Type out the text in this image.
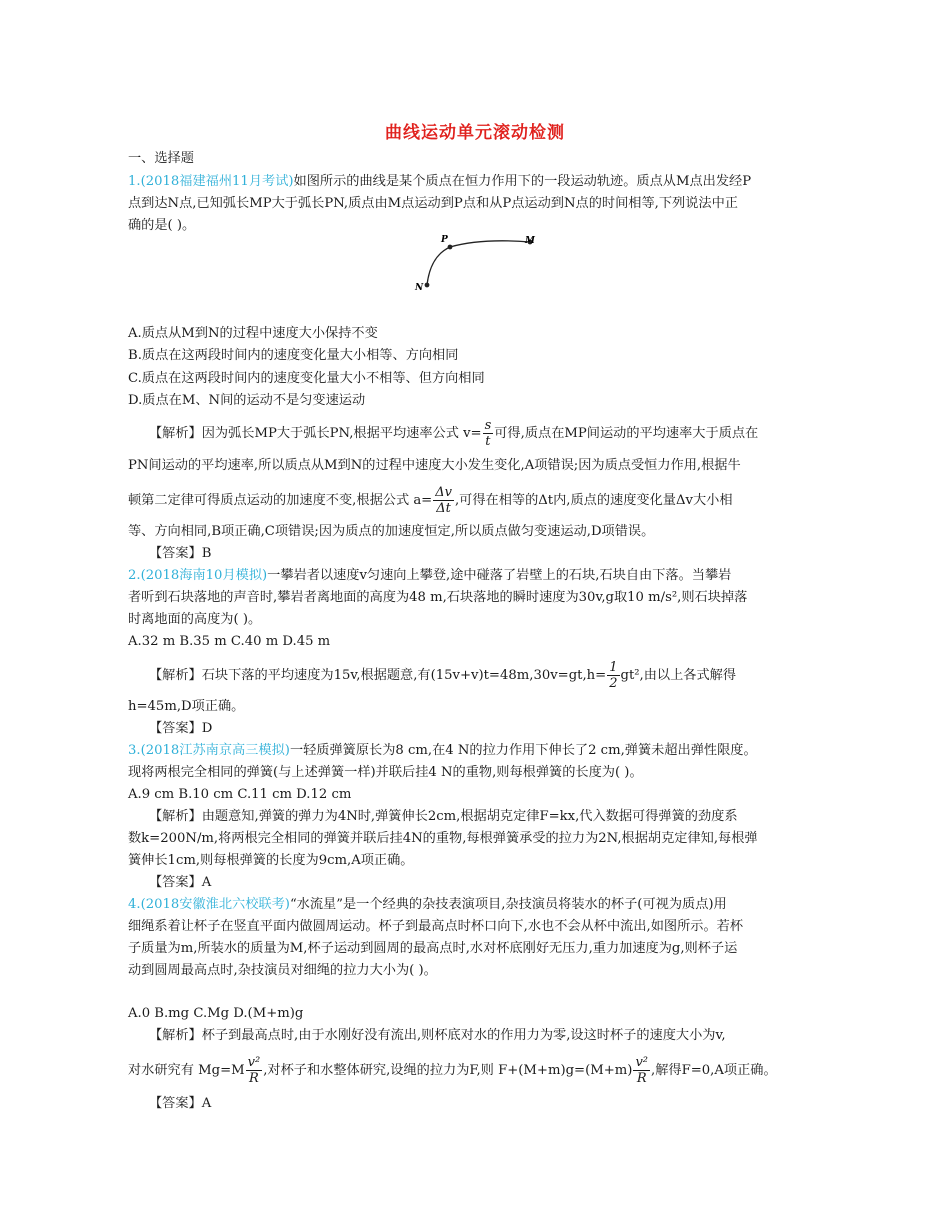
曲线运动单元滚动检测
一、选择题
1.(2018福建福州11月考试)如图所示的曲线是某个质点在恒力作用下的一段运动轨迹。质点从M点出发经P
点到达N点,已知弧长MP大于弧长PN,质点由M点运动到P点和从P点运动到N点的时间相等,下列说法中正
确的是( )。
P	M
N
A.质点从M到N的过程中速度大小保持不变
B.质点在这两段时间内的速度变化量大小相等、方向相同
C.质点在这两段时间内的速度变化量大小不相等、但方向相同
D.质点在M、N间的运动不是匀变速运动
【解析】因为弧长MP大于弧长PN,根据平均速率公式 $v= \frac{s}{t}$ 可得,质点在MP间运动的平均速率大于质点在
PN间运动的平均速率,所以质点从M到N的过程中速度大小发生变化,A项错误;因为质点受恒力作用,根据牛
顿第二定律可得质点运动的加速度不变,根据公式 $a= \frac{\Delta v}{\Delta t}$ ,可得在相等的Δt内,质点的速度变化量Δv大小相
等、方向相同,B项正确,C项错误;因为质点的加速度恒定,所以质点做匀变速运动,D项错误。
【答案】B
2.(2018海南10月模拟)一攀岩者以速度v匀速向上攀登,途中碰落了岩壁上的石块,石块自由下落。当攀岩
者听到石块落地的声音时,攀岩者离地面的高度为48 m,石块落地的瞬时速度为30v,g取10 m/s²,则石块掉落
时离地面的高度为( )。
A.32 m B.35 m C.40 m D.45 m
【解析】石块下落的平均速度为15v,根据题意,有$(15v+v)t=48m,30v=gt,h= \frac{1}{2} gt^2$,由以上各式解得
h=45m,D项正确。
【答案】D
3.(2018江苏南京高三模拟)一轻质弹簧原长为8 cm,在4 N的拉力作用下伸长了2 cm,弹簧未超出弹性限度。
现将两根完全相同的弹簧(与上述弹簧一样)并联后挂4 N的重物,则每根弹簧的长度为( )。
A.9 cm B.10 cm C.11 cm D.12 cm
【解析】由题意知,弹簧的弹力为4N时,弹簧伸长2cm,根据胡克定律F=kx,代入数据可得弹簧的劲度系
数k=200N/m,将两根完全相同的弹簧并联后挂4N的重物,每根弹簧承受的拉力为2N,根据胡克定律知,每根弹
簧伸长1cm,则每根弹簧的长度为9cm,A项正确。
【答案】A
4.(2018安徽淮北六校联考)“水流星”是一个经典的杂技表演项目,杂技演员将装水的杯子(可视为质点)用
细绳系着让杯子在竖直平面内做圆周运动。杯子到最高点时杯口向下,水也不会从杯中流出,如图所示。若杯
子质量为m,所装水的质量为M,杯子运动到圆周的最高点时,水对杯底刚好无压力,重力加速度为g,则杯子运
动到圆周最高点时,杂技演员对细绳的拉力大小为( )。
A.0 B.mg C.Mg D.(M+m)g
【解析】杯子到最高点时,由于水刚好没有流出,则杯底对水的作用力为零,设这时杯子的速度大小为v,
对水研究有 $Mg=M \frac{\text{v²}}{R}$ ,对杯子和水整体研究,设绳的拉力为F,则 $F+(M+m)g=(M+m) \frac{\text{v²}}{R}$ ,解得F=0,A项正确。
【答案】A
